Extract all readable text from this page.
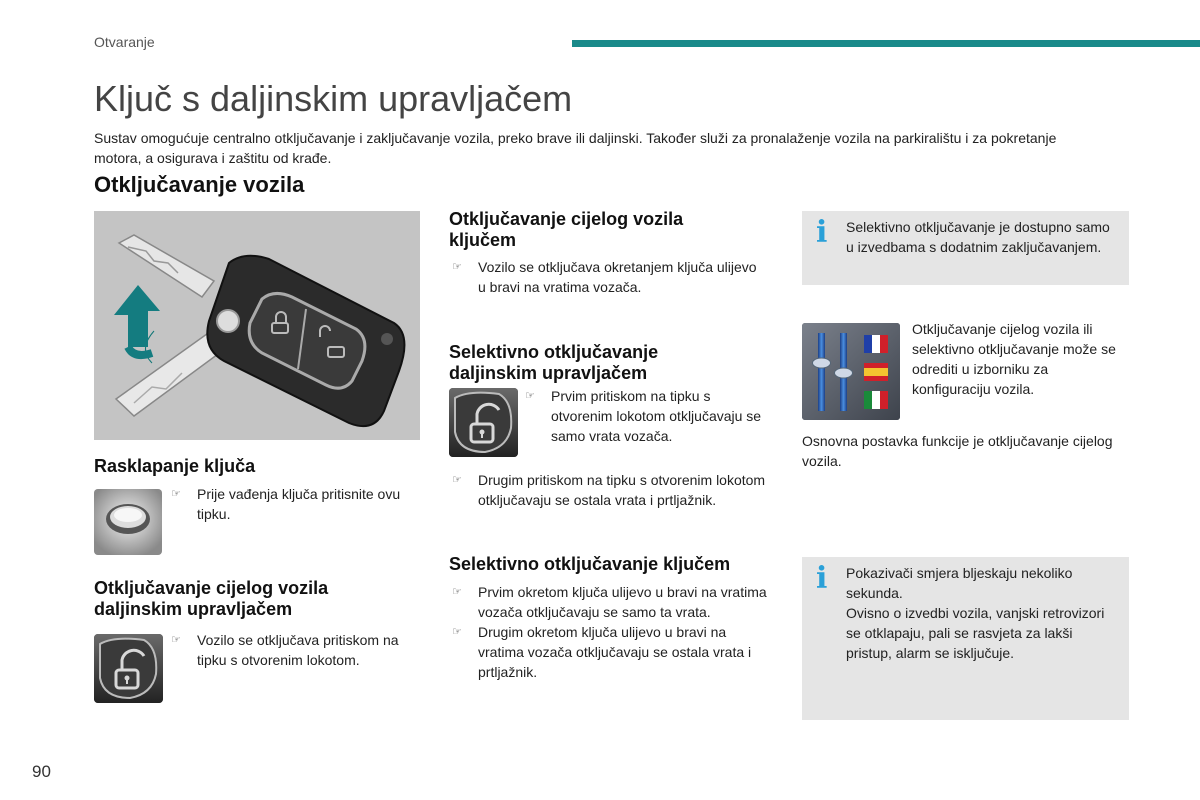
Otvaranje
Ključ s daljinskim upravljačem

Sustav omogućuje centralno otključavanje i zaključavanje vozila, preko brave ili daljinski. Također služi za pronalaženje vozila na parkiralištu i za pokretanje motora, a osigurava i zaštitu od krađe.

Otključavanje vozila
Rasklapanje ključa

☞ Prije vađenja ključa pritisnite ovu tipku.

Otključavanje cijelog vozila
daljinskim upravljačem

☞ Vozilo se otključava pritiskom na tipku s otvorenim lokotom.

Otključavanje cijelog vozila
ključem

☞ Vozilo se otključava okretanjem ključa ulijevo u bravi na vratima vozača.

Selektivno otključavanje
daljinskim upravljačem

☞ Prvim pritiskom na tipku s otvorenim lokotom otključavaju se samo vrata vozača.

☞ Drugim pritiskom na tipku s otvorenim lokotom otključavaju se ostala vrata i prtljažnik.

Selektivno otključavanje ključem

☞ Prvim okretom ključa ulijevo u bravi na vratima vozača otključavaju se samo ta vrata.

☞ Drugim okretom ključa ulijevo u bravi na vratima vozača otključavaju se ostala vrata i prtljažnik.

i Selektivno otključavanje je dostupno samo u izvedbama s dodatnim zaključavanjem.

Otključavanje cijelog vozila ili selektivno otključavanje može se odrediti u izborniku za konfiguraciju vozila.

Osnovna postavka funkcije je otključavanje cijelog vozila.

i Pokazivači smjera bljeskaju nekoliko sekunda.
Ovisno o izvedbi vozila, vanjski retrovizori se otklapaju, pali se rasvjeta za lakši pristup, alarm se isključuje.

90
